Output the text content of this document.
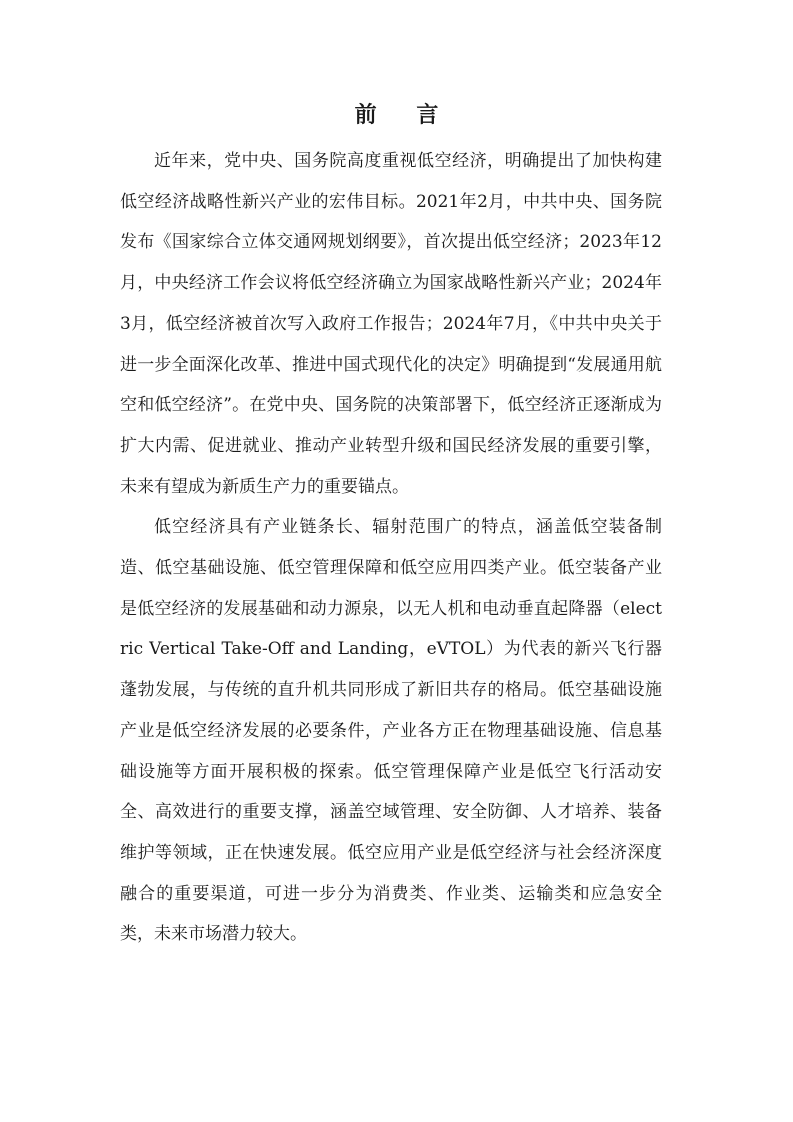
前 言

近年来，党中央、国务院高度重视低空经济，明确提出了加快构建低空经济战略性新兴产业的宏伟目标。2021年2月，中共中央、国务院发布《国家综合立体交通网规划纲要》，首次提出低空经济；2023年12月，中央经济工作会议将低空经济确立为国家战略性新兴产业；2024年3月，低空经济被首次写入政府工作报告；2024年7月，《中共中央关于进一步全面深化改革、推进中国式现代化的决定》明确提到“发展通用航空和低空经济”。在党中央、国务院的决策部署下，低空经济正逐渐成为扩大内需、促进就业、推动产业转型升级和国民经济发展的重要引擎，未来有望成为新质生产力的重要锚点。

低空经济具有产业链条长、辐射范围广的特点，涵盖低空装备制造、低空基础设施、低空管理保障和低空应用四类产业。低空装备产业是低空经济的发展基础和动力源泉，以无人机和电动垂直起降器（electric Vertical Take-Off and Landing，eVTOL）为代表的新兴飞行器蓬勃发展，与传统的直升机共同形成了新旧共存的格局。低空基础设施产业是低空经济发展的必要条件，产业各方正在物理基础设施、信息基础设施等方面开展积极的探索。低空管理保障产业是低空飞行活动安全、高效进行的重要支撑，涵盖空域管理、安全防御、人才培养、装备维护等领域，正在快速发展。低空应用产业是低空经济与社会经济深度融合的重要渠道，可进一步分为消费类、作业类、运输类和应急安全类，未来市场潜力较大。
